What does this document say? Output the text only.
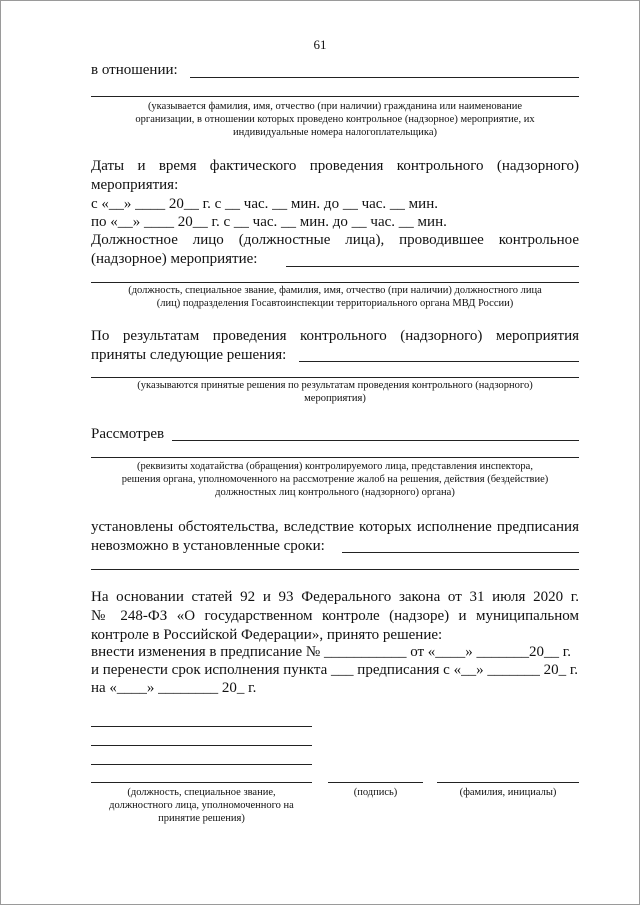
61
в отношении:
(указывается фамилия, имя, отчество (при наличии) гражданина или наименование
организации, в отношении которых проведено контрольное (надзорное) мероприятие, их
индивидуальные номера налогоплательщика)
Даты и время фактического проведения контрольного (надзорного)
мероприятия:
с «__» ____ 20__ г. с __ час. __ мин. до __ час. __ мин.
по «__» ____ 20__ г. с __ час. __ мин. до __ час. __ мин.
Должностное лицо (должностные лица), проводившее контрольное
(надзорное) мероприятие:
(должность, специальное звание, фамилия, имя, отчество (при наличии) должностного лица
(лиц) подразделения Госавтоинспекции территориального органа МВД России)
По результатам проведения контрольного (надзорного) мероприятия
приняты следующие решения:
(указываются принятые решения по результатам проведения контрольного (надзорного)
мероприятия)
Рассмотрев
(реквизиты ходатайства (обращения) контролируемого лица, представления инспектора,
решения органа, уполномоченного на рассмотрение жалоб на решения, действия (бездействие)
должностных лиц контрольного (надзорного) органа)
установлены обстоятельства, вследствие которых исполнение предписания
невозможно в установленные сроки:
На основании статей 92 и 93 Федерального закона от 31 июля 2020 г.
№ 248-ФЗ «О государственном контроле (надзоре) и муниципальном
контроле в Российской Федерации», принято решение:
внести изменения в предписание № ___________ от «____» _______20__ г.
и перенести срок исполнения пункта ___ предписания с «__» _______ 20_ г.
на «____» ________ 20_ г.
(должность, специальное звание,
должностного лица, уполномоченного на
принятие решения)
(подпись)	(фамилия, инициалы)
